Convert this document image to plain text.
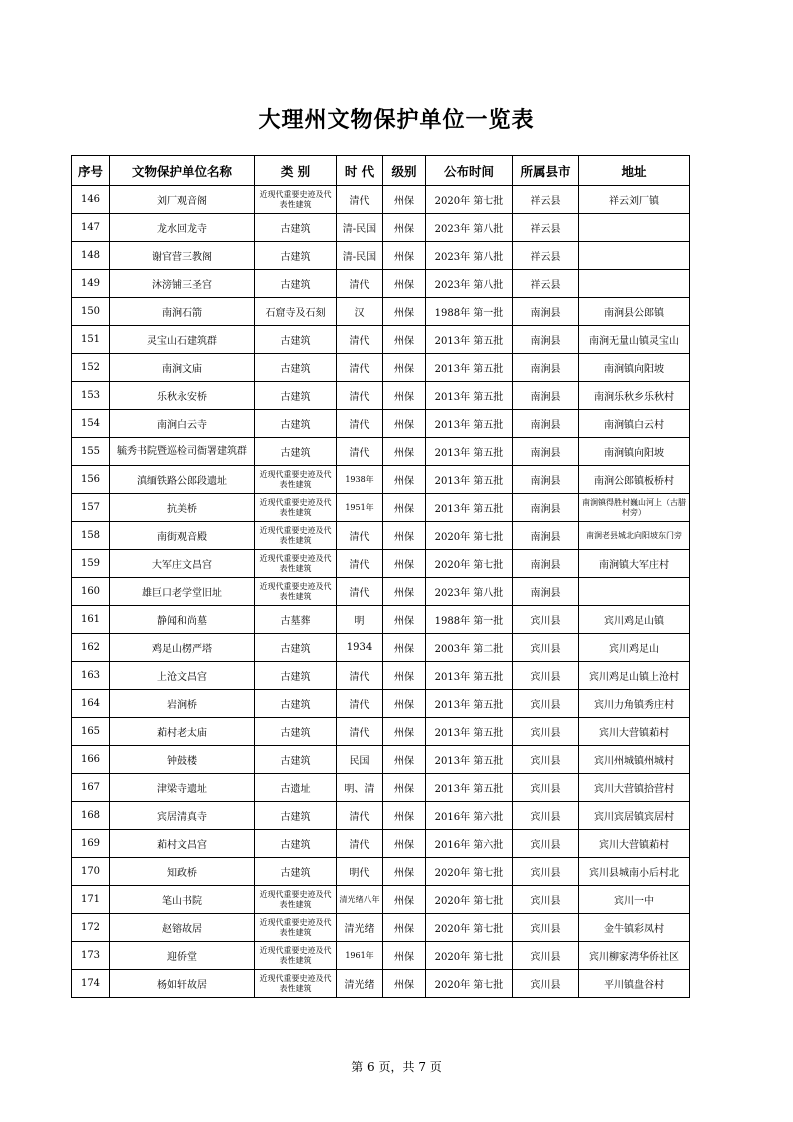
大理州文物保护单位一览表
序号	文物保护单位名称	类 别	时 代	级别	公布时间	所属县市	地址
146	刘厂观音阁	近现代重要史迹及代表性建筑	清代	州保	2020年 第七批	祥云县	祥云刘厂镇
147	龙水回龙寺	古建筑	清-民国	州保	2023年 第八批	祥云县	
148	谢官营三教阁	古建筑	清-民国	州保	2023年 第八批	祥云县	
149	沐滂铺三圣宫	古建筑	清代	州保	2023年 第八批	祥云县	
150	南涧石箭	石窟寺及石刻	汉	州保	1988年 第一批	南涧县	南涧县公郎镇
151	灵宝山石建筑群	古建筑	清代	州保	2013年 第五批	南涧县	南涧无量山镇灵宝山
152	南涧文庙	古建筑	清代	州保	2013年 第五批	南涧县	南涧镇向阳坡
153	乐秋永安桥	古建筑	清代	州保	2013年 第五批	南涧县	南涧乐秋乡乐秋村
154	南涧白云寺	古建筑	清代	州保	2013年 第五批	南涧县	南涧镇白云村
155	毓秀书院暨巡检司衙署建筑群	古建筑	清代	州保	2013年 第五批	南涧县	南涧镇向阳坡
156	滇缅铁路公郎段遗址	近现代重要史迹及代表性建筑	1938年	州保	2013年 第五批	南涧县	南涧公郎镇板桥村
157	抗美桥	近现代重要史迹及代表性建筑	1951年	州保	2013年 第五批	南涧县	南涧镇得胜村巍山河上（古腊村旁）
158	南街观音殿	近现代重要史迹及代表性建筑	清代	州保	2020年 第七批	南涧县	南涧老县城北向阳坡东门旁
159	大军庄文昌宫	近现代重要史迹及代表性建筑	清代	州保	2020年 第七批	南涧县	南涧镇大军庄村
160	雄巨口老学堂旧址	近现代重要史迹及代表性建筑	清代	州保	2023年 第八批	南涧县	
161	静闻和尚墓	古墓葬	明	州保	1988年 第一批	宾川县	宾川鸡足山镇
162	鸡足山楞严塔	古建筑	1934	州保	2003年 第二批	宾川县	宾川鸡足山
163	上沧文昌宫	古建筑	清代	州保	2013年 第五批	宾川县	宾川鸡足山镇上沧村
164	岩涧桥	古建筑	清代	州保	2013年 第五批	宾川县	宾川力角镇秀庄村
165	萂村老太庙	古建筑	清代	州保	2013年 第五批	宾川县	宾川大营镇萂村
166	钟鼓楼	古建筑	民国	州保	2013年 第五批	宾川县	宾川州城镇州城村
167	津梁寺遗址	古遗址	明、清	州保	2013年 第五批	宾川县	宾川大营镇拾营村
168	宾居清真寺	古建筑	清代	州保	2016年 第六批	宾川县	宾川宾居镇宾居村
169	萂村文昌宫	古建筑	清代	州保	2016年 第六批	宾川县	宾川大营镇萂村
170	知政桥	古建筑	明代	州保	2020年 第七批	宾川县	宾川县城南小后村北
171	笔山书院	近现代重要史迹及代表性建筑	清光绪八年	州保	2020年 第七批	宾川县	宾川一中
172	赵镕故居	近现代重要史迹及代表性建筑	清光绪	州保	2020年 第七批	宾川县	金牛镇彩凤村
173	迎侨堂	近现代重要史迹及代表性建筑	1961年	州保	2020年 第七批	宾川县	宾川柳家湾华侨社区
174	杨如轩故居	近现代重要史迹及代表性建筑	清光绪	州保	2020年 第七批	宾川县	平川镇盘谷村
第 6 页，共 7 页
